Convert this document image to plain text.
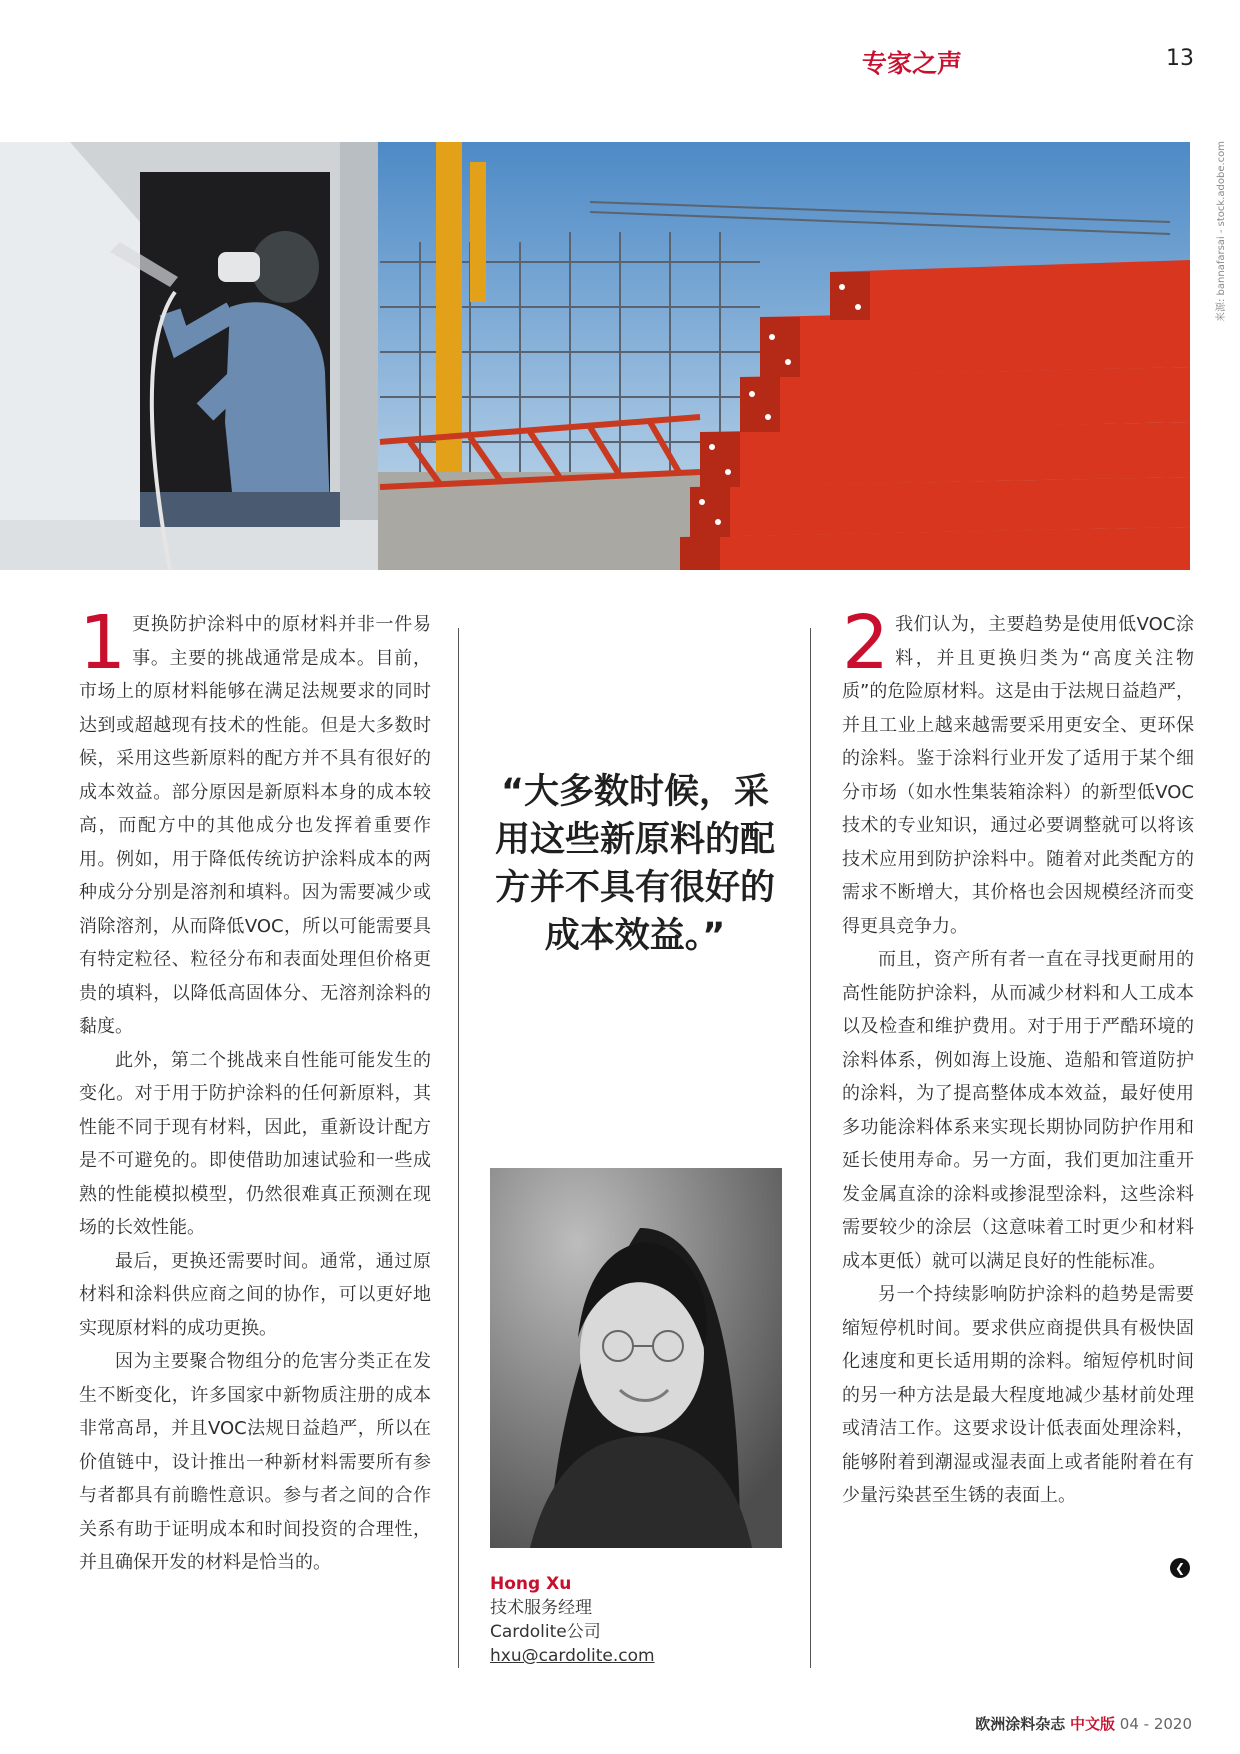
专家之声	13
来源: bannafarsai - stock.adobe.com

1 更换防护涂料中的原材料并非一件易事。主要的挑战通常是成本。目前，市场上的原材料能够在满足法规要求的同时达到或超越现有技术的性能。但是大多数时候，采用这些新原料的配方并不具有很好的成本效益。部分原因是新原料本身的成本较高，而配方中的其他成分也发挥着重要作用。例如，用于降低传统访护涂料成本的两种成分分别是溶剂和填料。因为需要减少或消除溶剂，从而降低VOC，所以可能需要具有特定粒径、粒径分布和表面处理但价格更贵的填料，以降低高固体分、无溶剂涂料的黏度。

此外，第二个挑战来自性能可能发生的变化。对于用于防护涂料的任何新原料，其性能不同于现有材料，因此，重新设计配方是不可避免的。即使借助加速试验和一些成熟的性能模拟模型，仍然很难真正预测在现场的长效性能。

最后，更换还需要时间。通常，通过原材料和涂料供应商之间的协作，可以更好地实现原材料的成功更换。

因为主要聚合物组分的危害分类正在发生不断变化，许多国家中新物质注册的成本非常高昂，并且VOC法规日益趋严，所以在价值链中，设计推出一种新材料需要所有参与者都具有前瞻性意识。参与者之间的合作关系有助于证明成本和时间投资的合理性，并且确保开发的材料是恰当的。

“大多数时候，采用这些新原料的配方并不具有很好的成本效益。”
Hong Xu
技术服务经理
Cardolite公司
hxu@cardolite.com

2 我们认为，主要趋势是使用低VOC涂料，并且更换归类为“高度关注物质”的危险原材料。这是由于法规日益趋严，并且工业上越来越需要采用更安全、更环保的涂料。鉴于涂料行业开发了适用于某个细分市场（如水性集装箱涂料）的新型低VOC技术的专业知识，通过必要调整就可以将该技术应用到防护涂料中。随着对此类配方的需求不断增大，其价格也会因规模经济而变得更具竞争力。

而且，资产所有者一直在寻找更耐用的高性能防护涂料，从而减少材料和人工成本以及检查和维护费用。对于用于严酷环境的涂料体系，例如海上设施、造船和管道防护的涂料，为了提高整体成本效益，最好使用多功能涂料体系来实现长期协同防护作用和延长使用寿命。另一方面，我们更加注重开发金属直涂的涂料或掺混型涂料，这些涂料需要较少的涂层（这意味着工时更少和材料成本更低）就可以满足良好的性能标准。

另一个持续影响防护涂料的趋势是需要缩短停机时间。要求供应商提供具有极快固化速度和更长适用期的涂料。缩短停机时间的另一种方法是最大程度地减少基材前处理或清洁工作。这要求设计低表面处理涂料，能够附着到潮湿或湿表面上或者能附着在有少量污染甚至生锈的表面上。

❮
欧洲涂料杂志 中文版 04 - 2020
